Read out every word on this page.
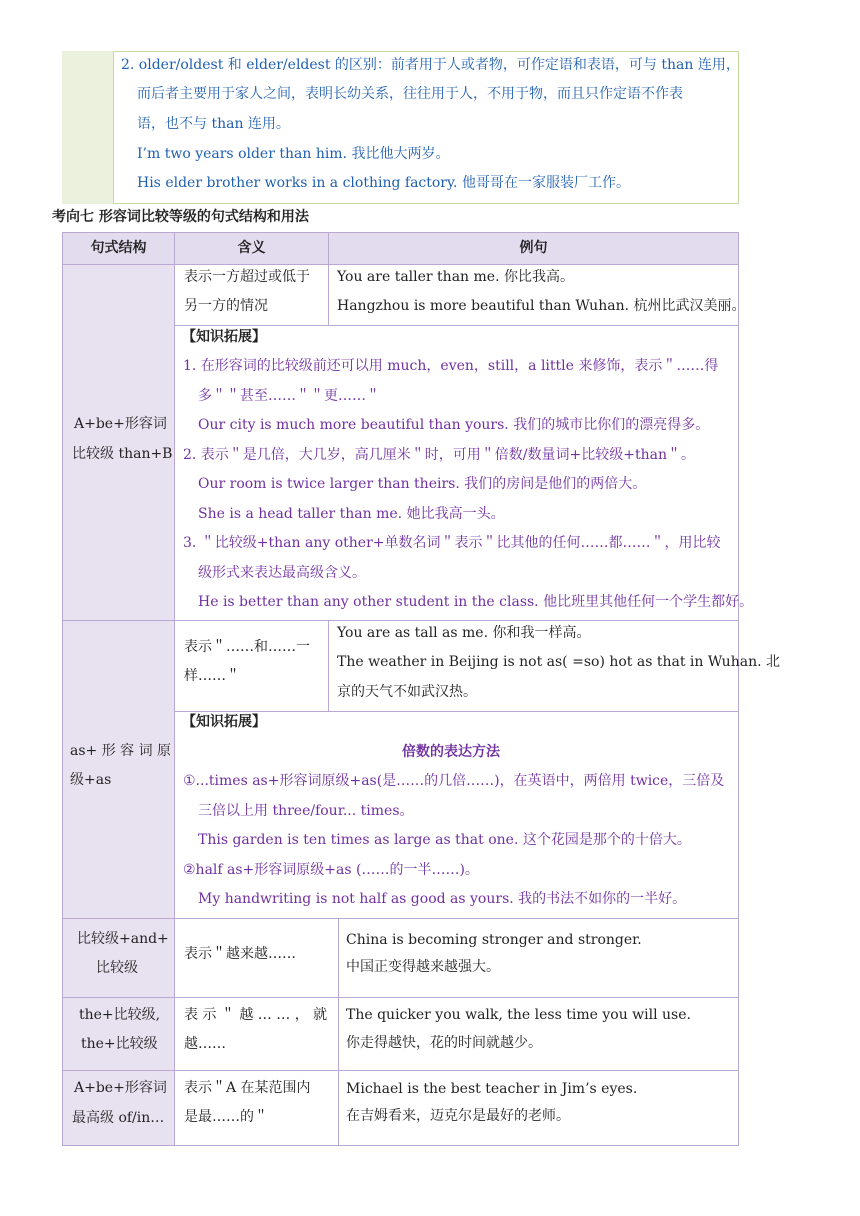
2. older/oldest 和 elder/eldest 的区别：前者用于人或者物，可作定语和表语，可与 than 连用，
而后者主要用于家人之间，表明长幼关系，往往用于人，不用于物，而且只作定语不作表
语，也不与 than 连用。
I’m two years older than him. 我比他大两岁。
His elder brother works in a clothing factory. 他哥哥在一家服装厂工作。
考向七 形容词比较等级的句式结构和用法
句式结构	含义	例句
A+be+形容词
比较级 than+B
表示一方超过或低于
另一方的情况
You are taller than me. 你比我高。
Hangzhou is more beautiful than Wuhan. 杭州比武汉美丽。
【知识拓展】
1. 在形容词的比较级前还可以用 much，even，still，a little 来修饰，表示＂……得
多＂＂甚至……＂＂更……＂
Our city is much more beautiful than yours. 我们的城市比你们的漂亮得多。
2. 表示＂是几倍，大几岁，高几厘米＂时，可用＂倍数/数量词+比较级+than＂。
Our room is twice larger than theirs. 我们的房间是他们的两倍大。
She is a head taller than me. 她比我高一头。
3. ＂比较级+than any other+单数名词＂表示＂比其他的任何……都……＂，用比较
级形式来表达最高级含义。
He is better than any other student in the class. 他比班里其他任何一个学生都好。
as+ 形 容 词 原
级+as
表示＂……和……一
样……＂
You are as tall as me. 你和我一样高。
The weather in Beijing is not as( =so) hot as that in Wuhan. 北
京的天气不如武汉热。
【知识拓展】
倍数的表达方法
①...times as+形容词原级+as(是……的几倍……)，在英语中，两倍用 twice，三倍及
三倍以上用 three/four... times。
This garden is ten times as large as that one. 这个花园是那个的十倍大。
②half as+形容词原级+as (……的一半……)。
My handwriting is not half as good as yours. 我的书法不如你的一半好。
比较级+and+
比较级
表示＂越来越……
China is becoming stronger and stronger.
中国正变得越来越强大。
the+比较级,
the+比较级
表 示 ＂ 越 … … ， 就
越……
The quicker you walk, the less time you will use.
你走得越快，花的时间就越少。
A+be+形容词
最高级 of/in…
表示＂A 在某范围内
是最……的＂
Michael is the best teacher in Jim’s eyes.
在吉姆看来，迈克尔是最好的老师。
